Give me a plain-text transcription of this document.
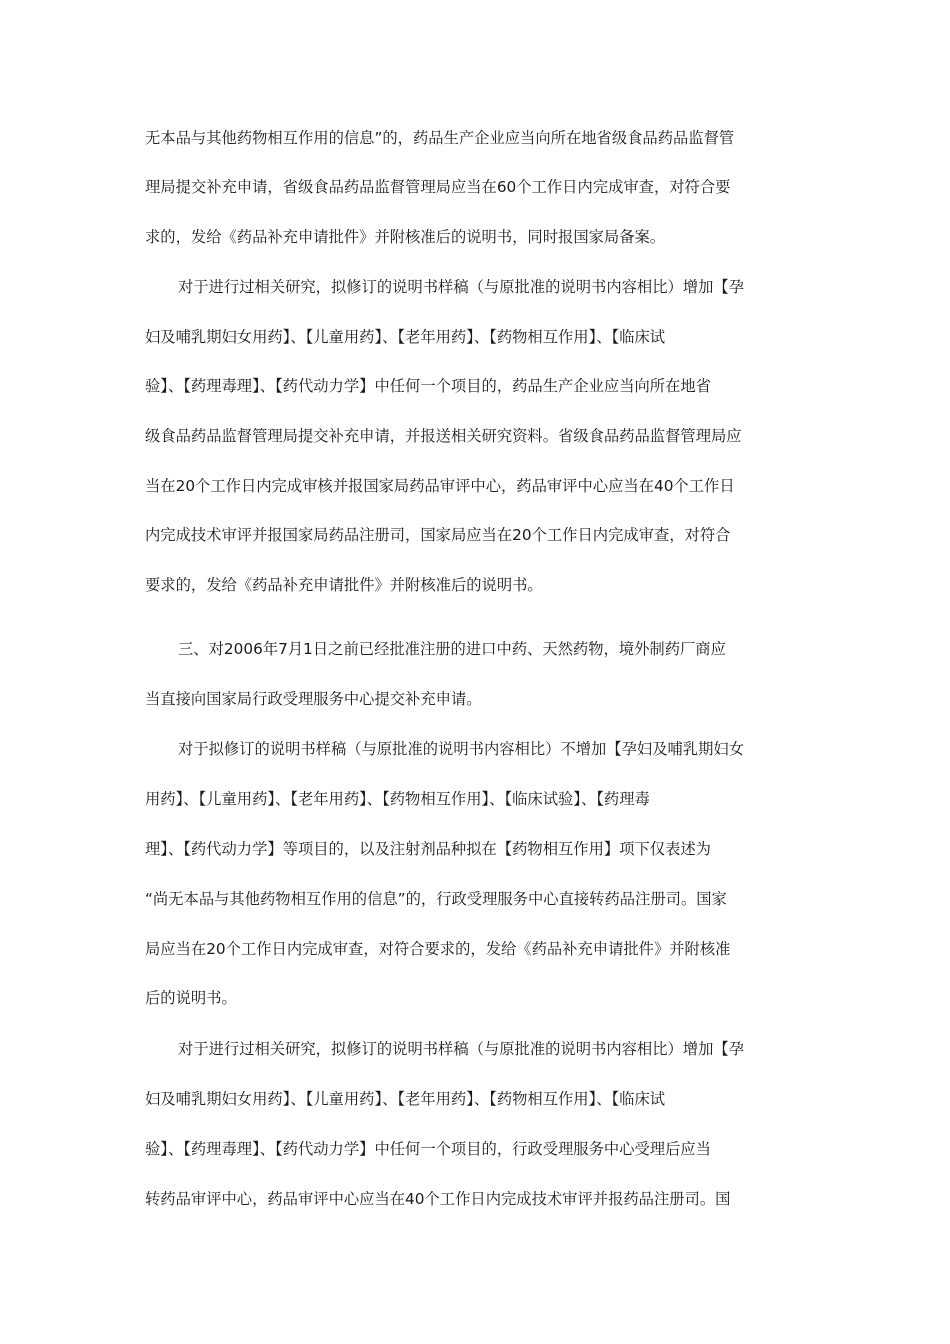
无本品与其他药物相互作用的信息”的，药品生产企业应当向所在地省级食品药品监督管
理局提交补充申请，省级食品药品监督管理局应当在60个工作日内完成审查，对符合要
求的，发给《药品补充申请批件》并附核准后的说明书，同时报国家局备案。
对于进行过相关研究，拟修订的说明书样稿（与原批准的说明书内容相比）增加【孕
妇及哺乳期妇女用药】、【儿童用药】、【老年用药】、【药物相互作用】、【临床试
验】、【药理毒理】、【药代动力学】中任何一个项目的，药品生产企业应当向所在地省
级食品药品监督管理局提交补充申请，并报送相关研究资料。省级食品药品监督管理局应
当在20个工作日内完成审核并报国家局药品审评中心，药品审评中心应当在40个工作日
内完成技术审评并报国家局药品注册司，国家局应当在20个工作日内完成审查，对符合
要求的，发给《药品补充申请批件》并附核准后的说明书。
三、对2006年7月1日之前已经批准注册的进口中药、天然药物，境外制药厂商应
当直接向国家局行政受理服务中心提交补充申请。
对于拟修订的说明书样稿（与原批准的说明书内容相比）不增加【孕妇及哺乳期妇女
用药】、【儿童用药】、【老年用药】、【药物相互作用】、【临床试验】、【药理毒
理】、【药代动力学】等项目的，以及注射剂品种拟在【药物相互作用】项下仅表述为
“尚无本品与其他药物相互作用的信息”的，行政受理服务中心直接转药品注册司。国家
局应当在20个工作日内完成审查，对符合要求的，发给《药品补充申请批件》并附核准
后的说明书。
对于进行过相关研究，拟修订的说明书样稿（与原批准的说明书内容相比）增加【孕
妇及哺乳期妇女用药】、【儿童用药】、【老年用药】、【药物相互作用】、【临床试
验】、【药理毒理】、【药代动力学】中任何一个项目的，行政受理服务中心受理后应当
转药品审评中心，药品审评中心应当在40个工作日内完成技术审评并报药品注册司。国
